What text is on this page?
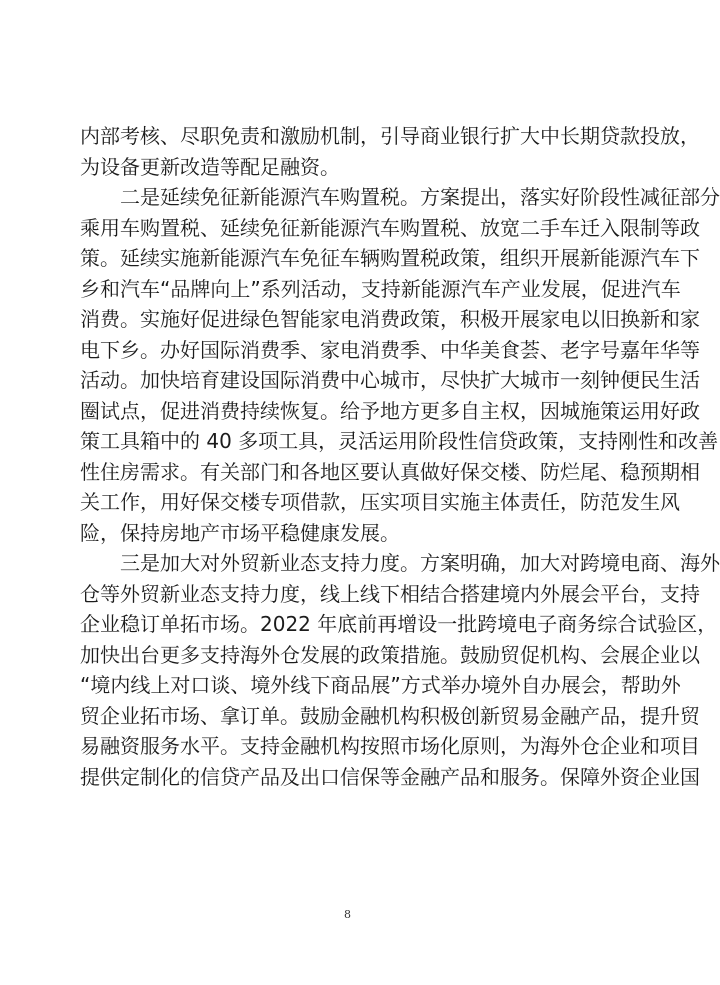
内部考核、尽职免责和激励机制，引导商业银行扩大中长期贷款投放，
为设备更新改造等配足融资。
　　二是延续免征新能源汽车购置税。方案提出，落实好阶段性减征部分
乘用车购置税、延续免征新能源汽车购置税、放宽二手车迁入限制等政
策。延续实施新能源汽车免征车辆购置税政策，组织开展新能源汽车下
乡和汽车“品牌向上”系列活动，支持新能源汽车产业发展，促进汽车
消费。实施好促进绿色智能家电消费政策，积极开展家电以旧换新和家
电下乡。办好国际消费季、家电消费季、中华美食荟、老字号嘉年华等
活动。加快培育建设国际消费中心城市，尽快扩大城市一刻钟便民生活
圈试点，促进消费持续恢复。给予地方更多自主权，因城施策运用好政
策工具箱中的 40 多项工具，灵活运用阶段性信贷政策，支持刚性和改善
性住房需求。有关部门和各地区要认真做好保交楼、防烂尾、稳预期相
关工作，用好保交楼专项借款，压实项目实施主体责任，防范发生风
险，保持房地产市场平稳健康发展。
　　三是加大对外贸新业态支持力度。方案明确，加大对跨境电商、海外
仓等外贸新业态支持力度，线上线下相结合搭建境内外展会平台，支持
企业稳订单拓市场。2022 年底前再增设一批跨境电子商务综合试验区，
加快出台更多支持海外仓发展的政策措施。鼓励贸促机构、会展企业以
“境内线上对口谈、境外线下商品展”方式举办境外自办展会，帮助外
贸企业拓市场、拿订单。鼓励金融机构积极创新贸易金融产品，提升贸
易融资服务水平。支持金融机构按照市场化原则，为海外仓企业和项目
提供定制化的信贷产品及出口信保等金融产品和服务。保障外资企业国
8
